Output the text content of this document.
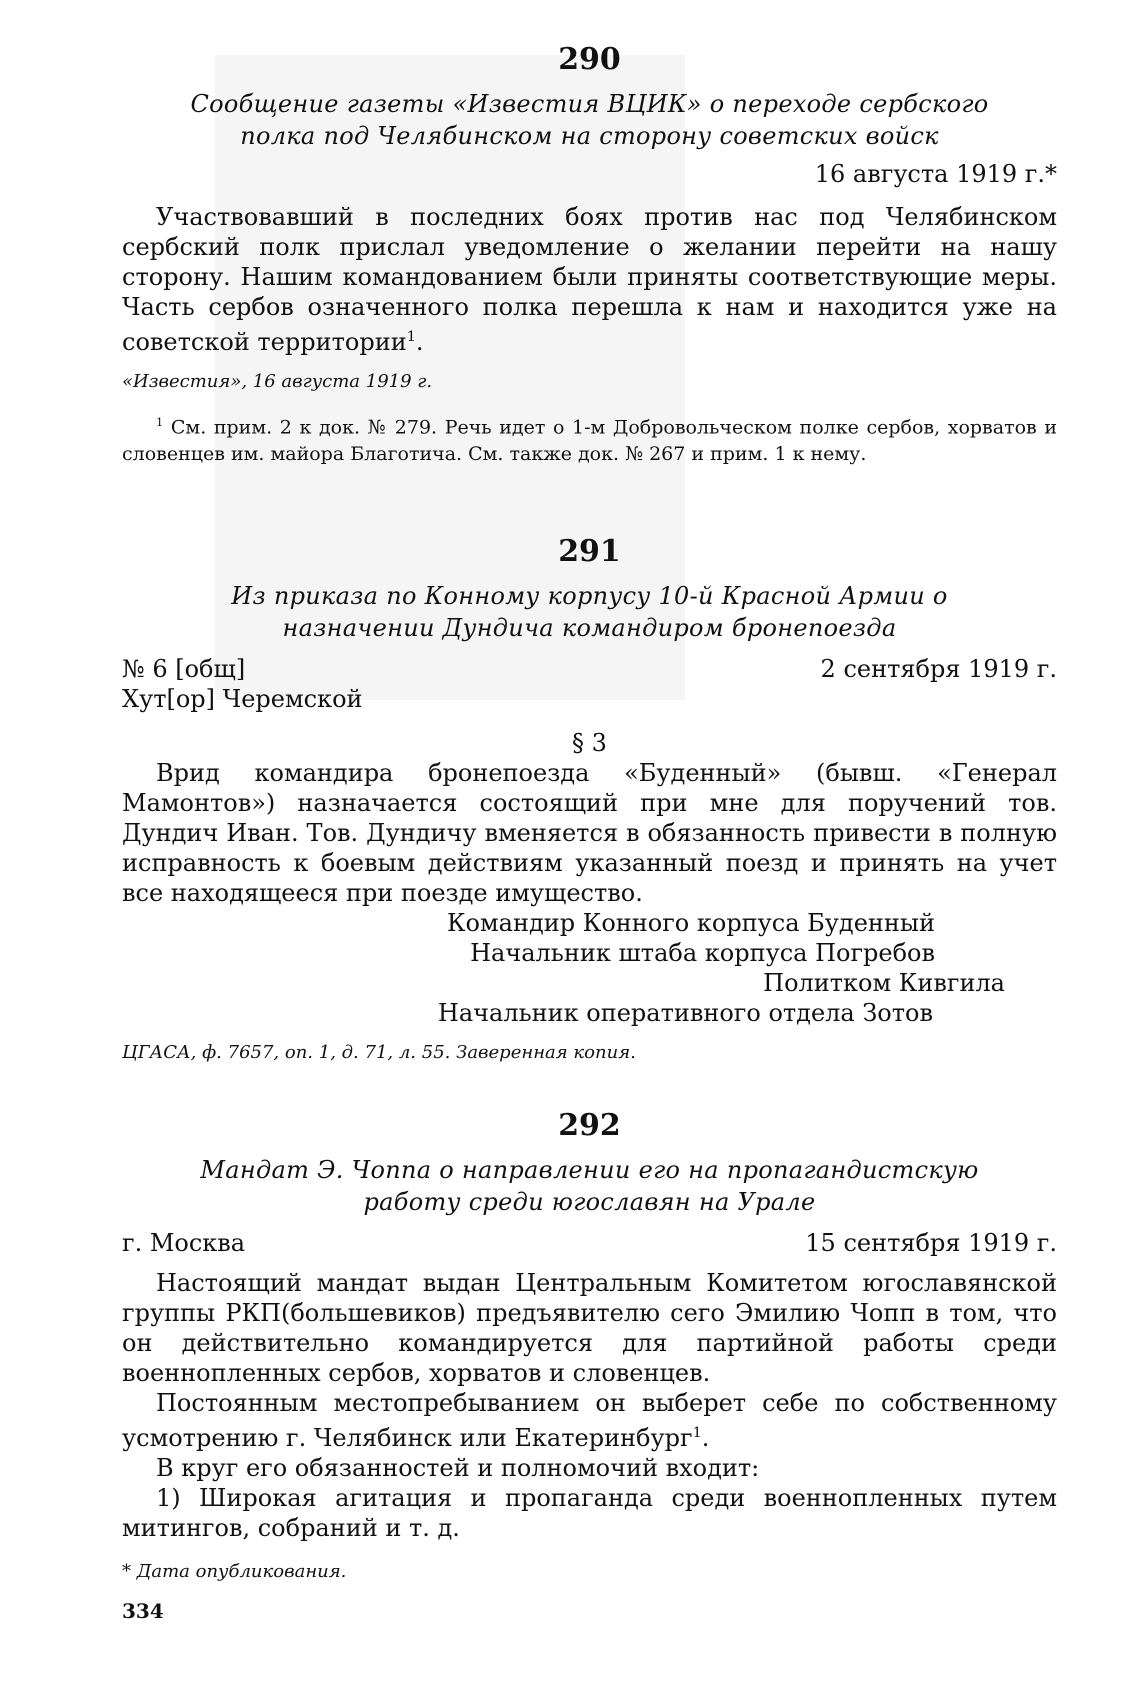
290
Сообщение газеты «Известия ВЦИК» о переходе сербского полка под Челябинском на сторону советских войск
16 августа 1919 г.*

Участвовавший в последних боях против нас под Челябинском сербский полк прислал уведомление о желании перейти на нашу сторону. Нашим командованием были приняты соответствующие меры. Часть сербов означенного полка перешла к нам и находится уже на советской территории$^1$.

«Известия», 16 августа 1919 г.
$^1$ См. прим. 2 к док. № 279. Речь идет о 1-м Добровольческом полке сербов, хорватов и словенцев им. майора Благотича. См. также док. № 267 и прим. 1 к нему.
291
Из приказа по Конному корпусу 10-й Красной Армии о назначении Дундича командиром бронепоезда
№ 6 [общ]	2 сентября 1919 г.
Хут[ор] Черемской
§ 3

Врид командира бронепоезда «Буденный» (бывш. «Генерал Мамонтов») назначается состоящий при мне для поручений тов. Дундич Иван. Тов. Дундичу вменяется в обязанность привести в полную исправность к боевым действиям указанный поезд и принять на учет все находящееся при поезде имущество.

Командир Конного корпуса Буденный
Начальник штаба корпуса Погребов
Политком Кивгила
Начальник оперативного отдела Зотов
ЦГАСА, ф. 7657, оп. 1, д. 71, л. 55. Заверенная копия.
292
Мандат Э. Чоппа о направлении его на пропагандистскую работу среди югославян на Урале
г. Москва	15 сентября 1919 г.

Настоящий мандат выдан Центральным Комитетом югославянской группы РКП(большевиков) предъявителю сего Эмилию Чопп в том, что он действительно командируется для партийной работы среди военнопленных сербов, хорватов и словенцев.

Постоянным местопребыванием он выберет себе по собственному усмотрению г. Челябинск или Екатеринбург$^1$.

В круг его обязанностей и полномочий входит:

1) Широкая агитация и пропаганда среди военнопленных путем митингов, собраний и т. д.

* Дата опубликования.
334
